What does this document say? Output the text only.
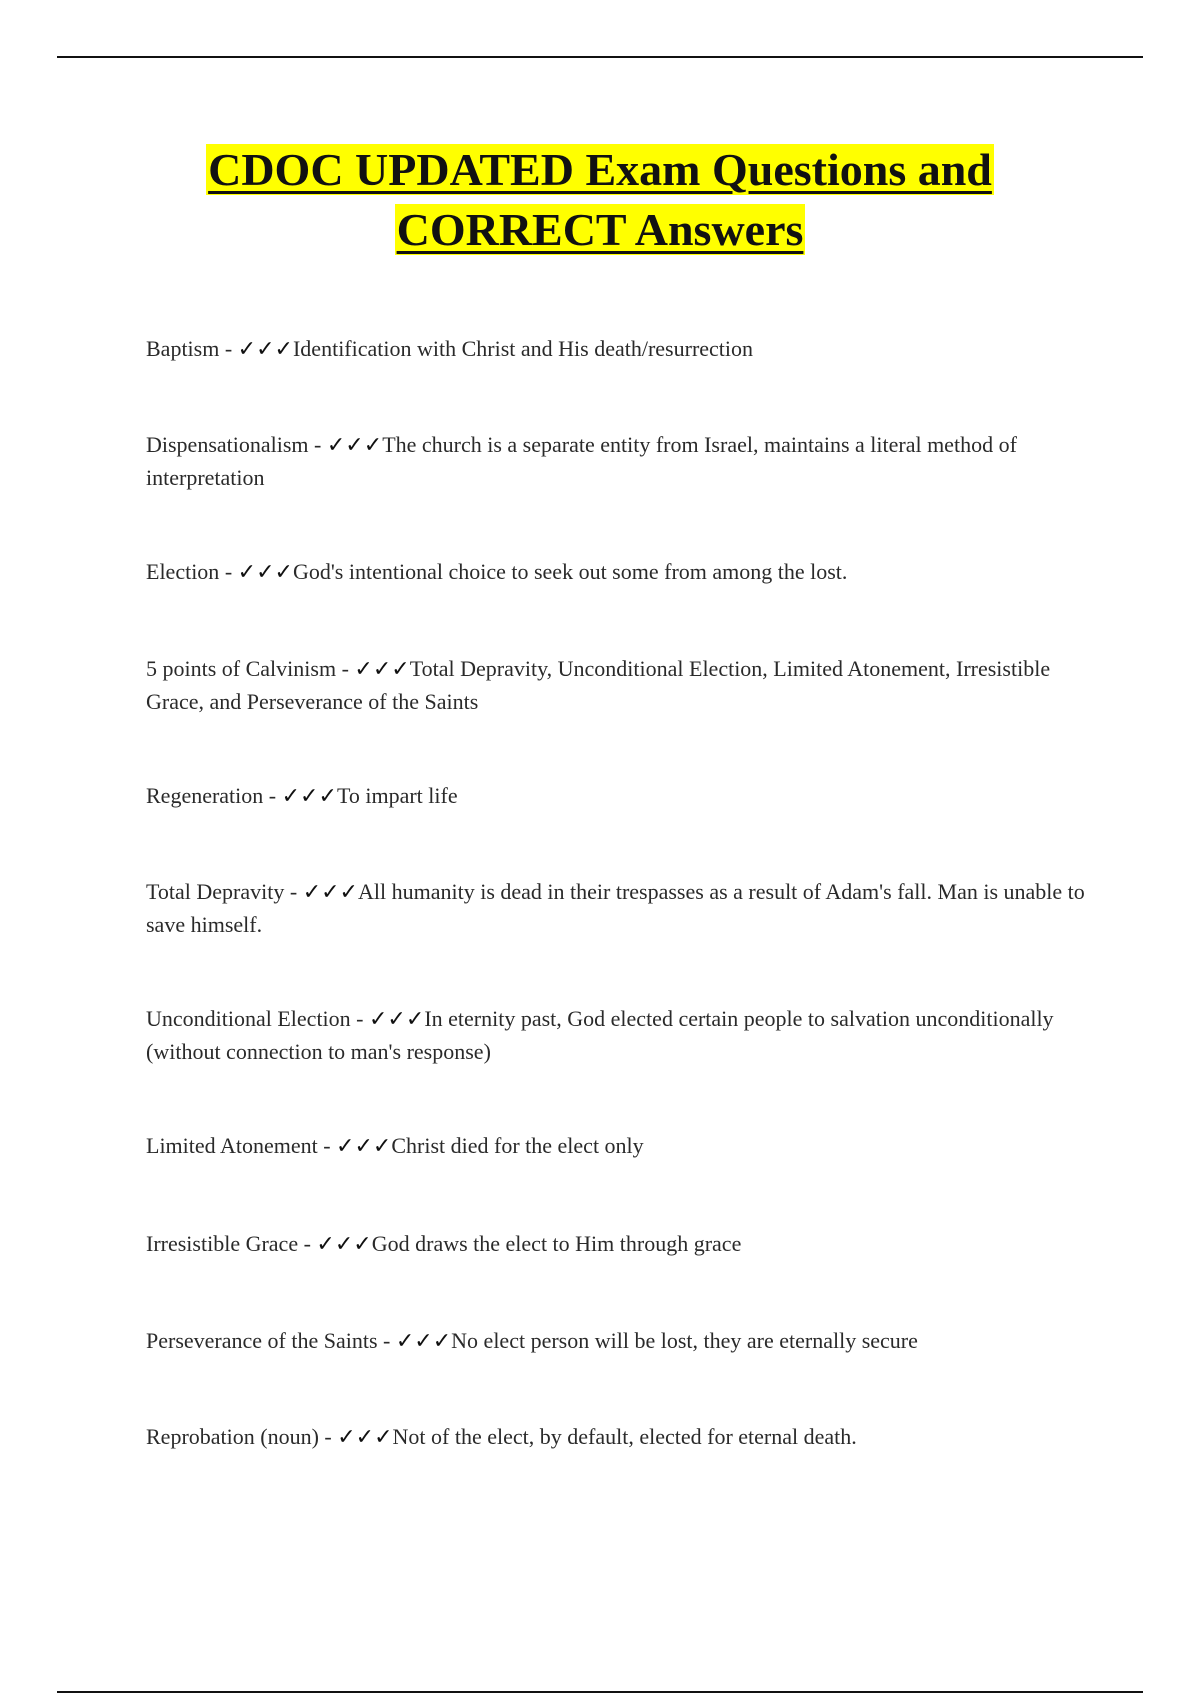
CDOC UPDATED Exam Questions and
CORRECT Answers
Baptism - ✓✓✓Identification with Christ and His death/resurrection
Dispensationalism - ✓✓✓The church is a separate entity from Israel, maintains a literal method of interpretation
Election - ✓✓✓God's intentional choice to seek out some from among the lost.
5 points of Calvinism - ✓✓✓Total Depravity, Unconditional Election, Limited Atonement, Irresistible Grace, and Perseverance of the Saints
Regeneration - ✓✓✓To impart life
Total Depravity - ✓✓✓All humanity is dead in their trespasses as a result of Adam's fall. Man is unable to save himself.
Unconditional Election - ✓✓✓In eternity past, God elected certain people to salvation unconditionally (without connection to man's response)
Limited Atonement - ✓✓✓Christ died for the elect only
Irresistible Grace - ✓✓✓God draws the elect to Him through grace
Perseverance of the Saints - ✓✓✓No elect person will be lost, they are eternally secure
Reprobation (noun) - ✓✓✓Not of the elect, by default, elected for eternal death.
